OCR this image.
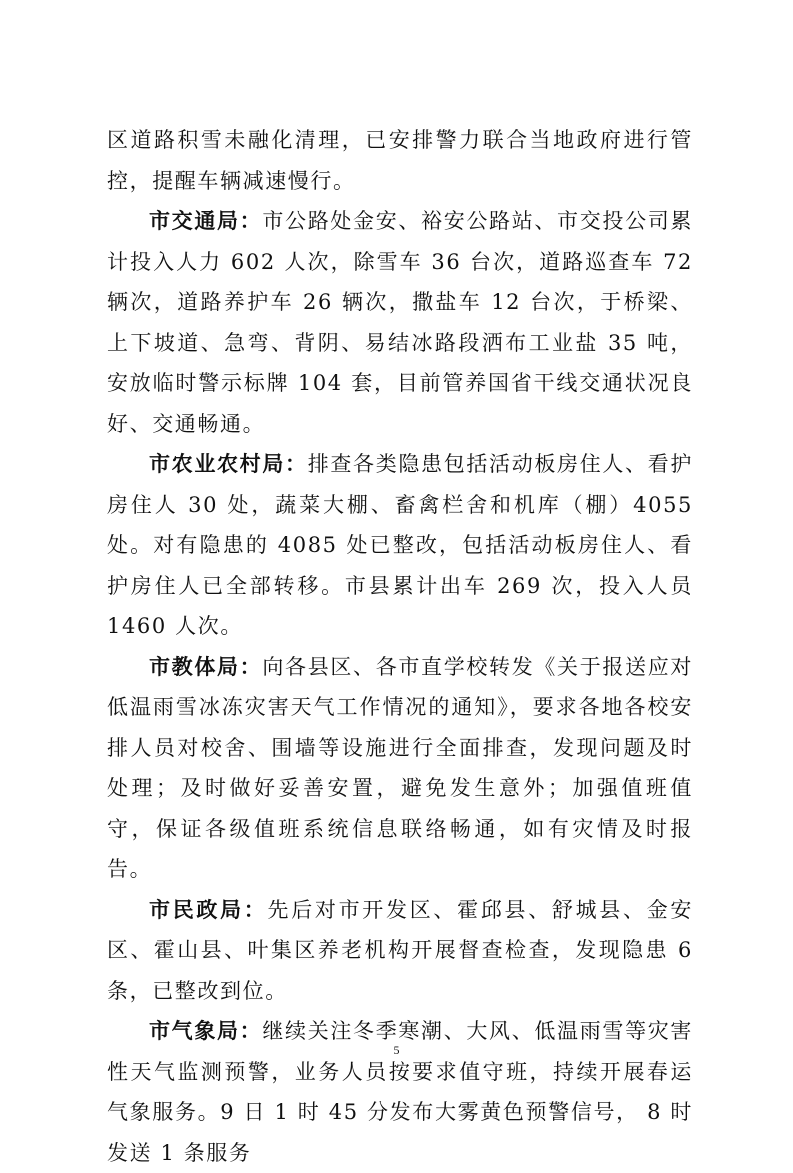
区道路积雪未融化清理，已安排警力联合当地政府进行管控，提醒车辆减速慢行。

市交通局：市公路处金安、裕安公路站、市交投公司累计投入人力 602 人次，除雪车 36 台次，道路巡查车 72 辆次，道路养护车 26 辆次，撒盐车 12 台次，于桥梁、上下坡道、急弯、背阴、易结冰路段洒布工业盐 35 吨，安放临时警示标牌 104 套，目前管养国省干线交通状况良好、交通畅通。

市农业农村局：排查各类隐患包括活动板房住人、看护房住人 30 处，蔬菜大棚、畜禽栏舍和机库（棚）4055 处。对有隐患的 4085 处已整改，包括活动板房住人、看护房住人已全部转移。市县累计出车 269 次，投入人员 1460 人次。

市教体局：向各县区、各市直学校转发《关于报送应对低温雨雪冰冻灾害天气工作情况的通知》，要求各地各校安排人员对校舍、围墙等设施进行全面排查，发现问题及时处理；及时做好妥善安置，避免发生意外；加强值班值守，保证各级值班系统信息联络畅通，如有灾情及时报告。

市民政局：先后对市开发区、霍邱县、舒城县、金安区、霍山县、叶集区养老机构开展督查检查，发现隐患 6 条，已整改到位。

市气象局：继续关注冬季寒潮、大风、低温雨雪等灾害性天气监测预警，业务人员按要求值守班，持续开展春运气象服务。9 日 1 时 45 分发布大雾黄色预警信号， 8 时发送 1 条服务

5
